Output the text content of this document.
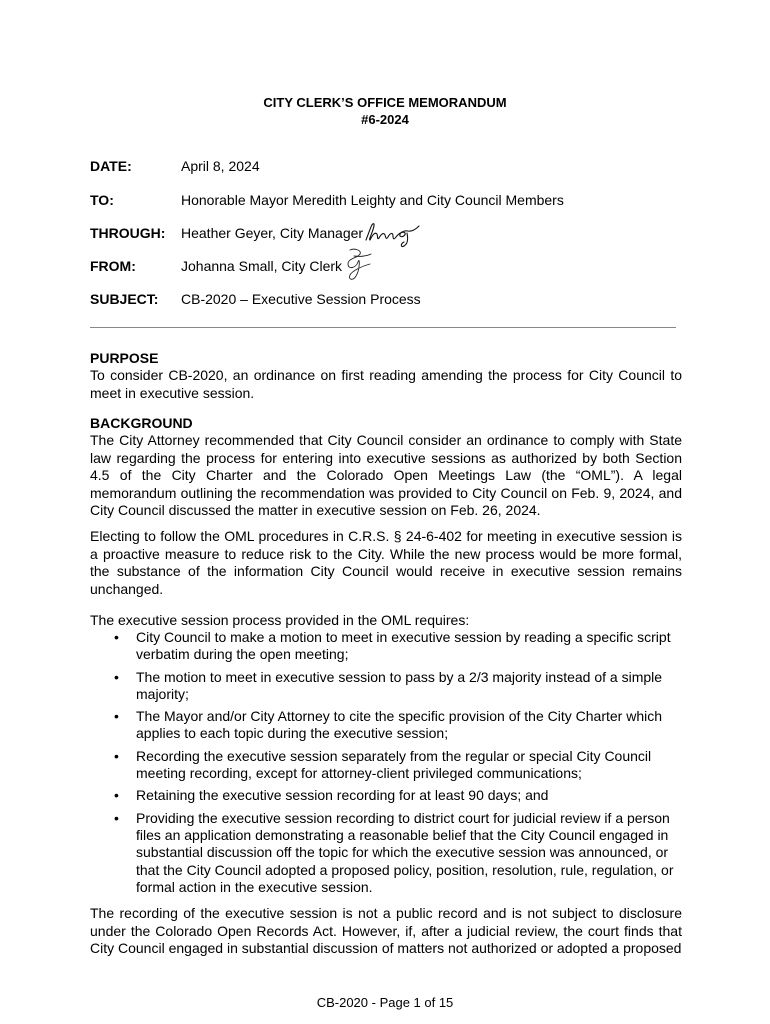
CITY CLERK’S OFFICE MEMORANDUM
#6-2024
DATE:	April 8, 2024
TO:	Honorable Mayor Meredith Leighty and City Council Members
THROUGH: Heather Geyer, City Manager
FROM:	Johanna Small, City Clerk
SUBJECT: CB-2020 – Executive Session Process
PURPOSE
To consider CB-2020, an ordinance on first reading amending the process for City Council to meet in executive session.
BACKGROUND
The City Attorney recommended that City Council consider an ordinance to comply with State law regarding the process for entering into executive sessions as authorized by both Section 4.5 of the City Charter and the Colorado Open Meetings Law (the “OML”). A legal memorandum outlining the recommendation was provided to City Council on Feb. 9, 2024, and City Council discussed the matter in executive session on Feb. 26, 2024.
Electing to follow the OML procedures in C.R.S. § 24-6-402 for meeting in executive session is a proactive measure to reduce risk to the City. While the new process would be more formal, the substance of the information City Council would receive in executive session remains unchanged.
The executive session process provided in the OML requires:
• City Council to make a motion to meet in executive session by reading a specific script verbatim during the open meeting;
• The motion to meet in executive session to pass by a 2/3 majority instead of a simple majority;
• The Mayor and/or City Attorney to cite the specific provision of the City Charter which applies to each topic during the executive session;
• Recording the executive session separately from the regular or special City Council meeting recording, except for attorney-client privileged communications;
• Retaining the executive session recording for at least 90 days; and
• Providing the executive session recording to district court for judicial review if a person files an application demonstrating a reasonable belief that the City Council engaged in substantial discussion off the topic for which the executive session was announced, or that the City Council adopted a proposed policy, position, resolution, rule, regulation, or formal action in the executive session.
The recording of the executive session is not a public record and is not subject to disclosure under the Colorado Open Records Act. However, if, after a judicial review, the court finds that City Council engaged in substantial discussion of matters not authorized or adopted a proposed
CB-2020 - Page 1 of 15
